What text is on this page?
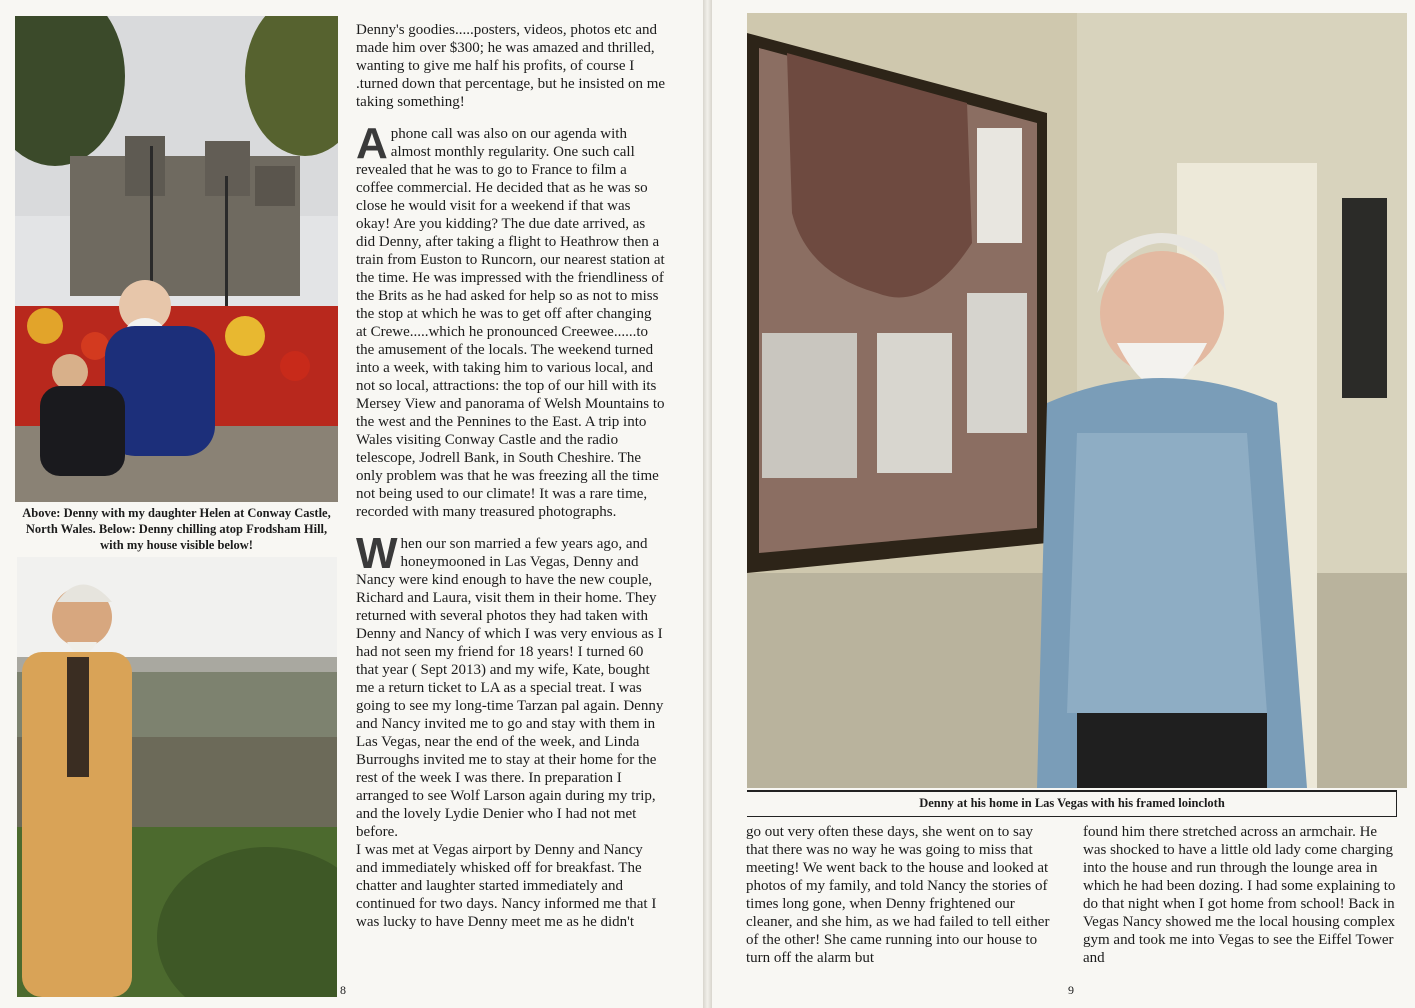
Above: Denny with my daughter Helen at Conway Castle, North Wales. Below: Denny chilling atop Frodsham Hill, with my house visible below!

Denny's goodies.....posters, videos, photos etc and made him over $300; he was amazed and thrilled, wanting to give me half his profits, of course I .turned down that percentage, but he insisted on me taking something!

Aphone call was also on our agenda with almost monthly regularity. One such call revealed that he was to go to France to film a coffee commercial. He decided that as he was so close he would visit for a weekend if that was okay! Are you kidding? The due date arrived, as did Denny, after taking a flight to Heathrow then a train from Euston to Runcorn, our nearest station at the time. He was impressed with the friendliness of the Brits as he had asked for help so as not to miss the stop at which he was to get off after changing at Crewe.....which he pronounced Creewee......to the amusement of the locals. The weekend turned into a week, with taking him to various local, and not so local, attractions: the top of our hill with its Mersey View and panorama of Welsh Mountains to the west and the Pennines to the East. A trip into Wales visiting Conway Castle and the radio telescope, Jodrell Bank, in South Cheshire. The only problem was that he was freezing all the time not being used to our climate! It was a rare time, recorded with many treasured photographs.

When our son married a few years ago, and honeymooned in Las Vegas, Denny and Nancy were kind enough to have the new couple, Richard and Laura, visit them in their home. They returned with several photos they had taken with Denny and Nancy of which I was very envious as I had not seen my friend for 18 years! I turned 60 that year ( Sept 2013) and my wife, Kate, bought me a return ticket to LA as a special treat. I was going to see my long-time Tarzan pal again. Denny and Nancy invited me to go and stay with them in Las Vegas, near the end of the week, and Linda Burroughs invited me to stay at their home for the rest of the week I was there. In preparation I arranged to see Wolf Larson again during my trip, and the lovely Lydie Denier who I had not met before.

I was met at Vegas airport by Denny and Nancy and immediately whisked off for breakfast. The chatter and laughter started immediately and continued for two days. Nancy informed me that I was lucky to have Denny meet me as he didn't

8
Denny at his home in Las Vegas with his framed loincloth
go out very often these days, she went on to say that there was no way he was going to miss that meeting! We went back to the house and looked at photos of my family, and told Nancy the stories of times long gone, when Denny frightened our cleaner, and she him, as we had failed to tell either of the other! She came running into our house to turn off the alarm but
found him there stretched across an armchair. He was shocked to have a little old lady come charging into the house and run through the lounge area in which he had been dozing. I had some explaining to do that night when I got home from school! Back in Vegas Nancy showed me the local housing complex gym and took me into Vegas to see the Eiffel Tower and
9
